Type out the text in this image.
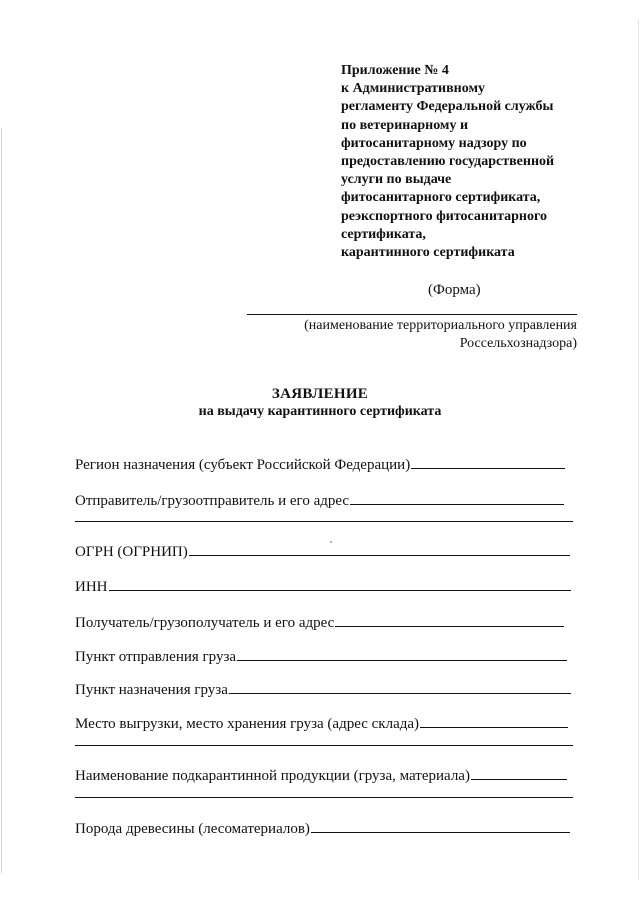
Приложение № 4
к Административному
регламенту Федеральной службы
по ветеринарному и
фитосанитарному надзору по
предоставлению государственной
услуги по выдаче
фитосанитарного сертификата,
реэкспортного фитосанитарного
сертификата,
карантинного сертификата
(Форма)
(наименование территориального управления
Россельхознадзора)
ЗАЯВЛЕНИЕ
на выдачу карантинного сертификата
Регион назначения (субъект Российской Федерации)
Отправитель/грузоотправитель и его адрес
ОГРН (ОГРНИП)
ИНН
Получатель/грузополучатель и его адрес
Пункт отправления груза
Пункт назначения груза
Место выгрузки, место хранения груза (адрес склада)
Наименование подкарантинной продукции (груза, материала)
Порода древесины (лесоматериалов)
